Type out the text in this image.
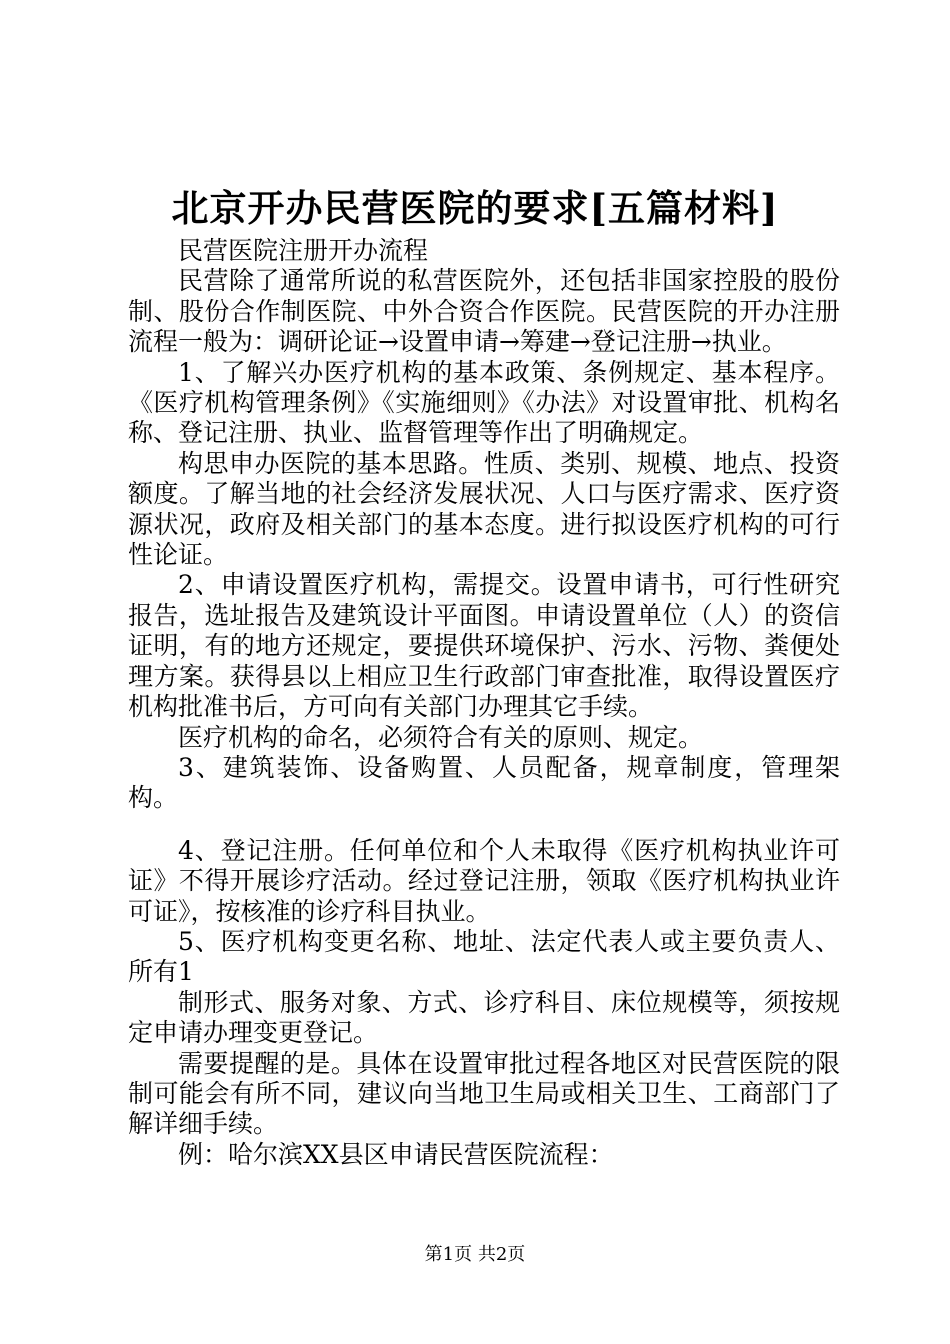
北京开办民营医院的要求[五篇材料]

民营医院注册开办流程

民营除了通常所说的私营医院外，还包括非国家控股的股份制、股份合作制医院、中外合资合作医院。民营医院的开办注册流程一般为：调研论证→设置申请→筹建→登记注册→执业。

1、了解兴办医疗机构的基本政策、条例规定、基本程序。《医疗机构管理条例》《实施细则》《办法》对设置审批、机构名称、登记注册、执业、监督管理等作出了明确规定。

构思申办医院的基本思路。性质、类别、规模、地点、投资额度。了解当地的社会经济发展状况、人口与医疗需求、医疗资源状况，政府及相关部门的基本态度。进行拟设医疗机构的可行性论证。

2、申请设置医疗机构，需提交。设置申请书，可行性研究报告，选址报告及建筑设计平面图。申请设置单位（人）的资信证明，有的地方还规定，要提供环境保护、污水、污物、粪便处理方案。获得县以上相应卫生行政部门审查批准，取得设置医疗机构批准书后，方可向有关部门办理其它手续。

医疗机构的命名，必须符合有关的原则、规定。

3、建筑装饰、设备购置、人员配备，规章制度，管理架构。

4、登记注册。任何单位和个人未取得《医疗机构执业许可证》不得开展诊疗活动。经过登记注册，领取《医疗机构执业许可证》，按核准的诊疗科目执业。

5、医疗机构变更名称、地址、法定代表人或主要负责人、所有1

制形式、服务对象、方式、诊疗科目、床位规模等，须按规定申请办理变更登记。

需要提醒的是。具体在设置审批过程各地区对民营医院的限制可能会有所不同，建议向当地卫生局或相关卫生、工商部门了解详细手续。

例：哈尔滨XX县区申请民营医院流程：

第1页 共2页
